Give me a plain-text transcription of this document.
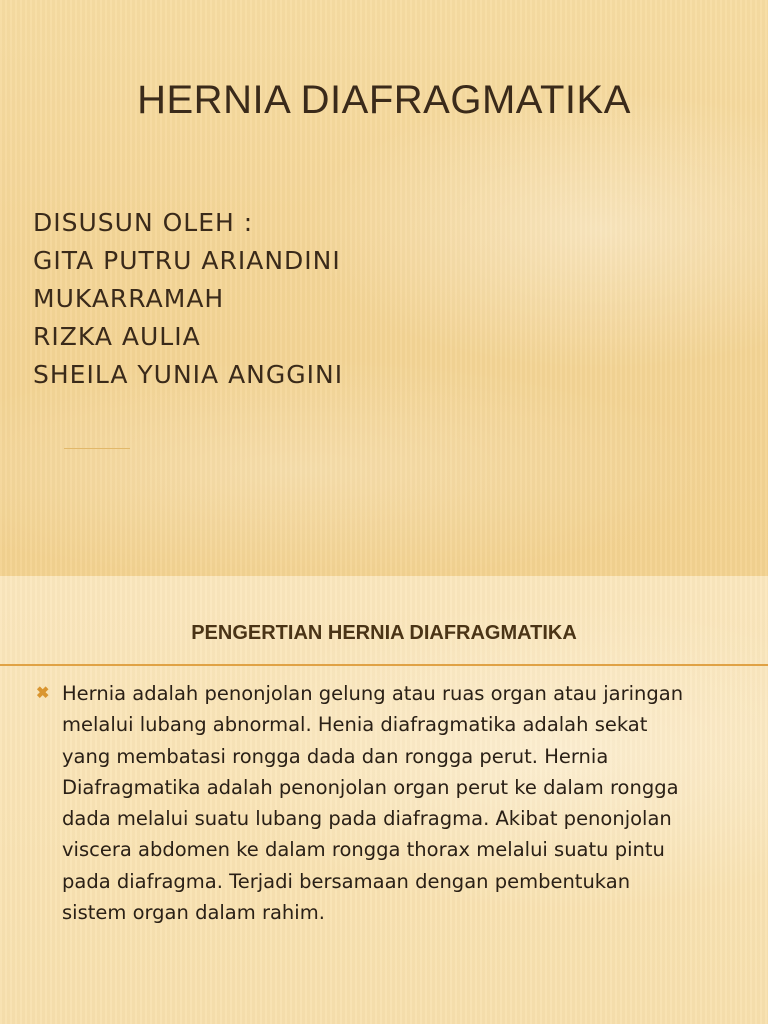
HERNIA DIAFRAGMATIKA
DISUSUN OLEH :
GITA PUTRU ARIANDINI
MUKARRAMAH
RIZKA AULIA
SHEILA YUNIA ANGGINI
PENGERTIAN HERNIA DIAFRAGMATIKA
✖ Hernia adalah penonjolan gelung atau ruas organ atau jaringan
melalui lubang abnormal. Henia diafragmatika adalah sekat
yang membatasi rongga dada dan rongga perut. Hernia
Diafragmatika adalah penonjolan organ perut ke dalam rongga
dada melalui suatu lubang pada diafragma. Akibat penonjolan
viscera abdomen ke dalam rongga thorax melalui suatu pintu
pada diafragma. Terjadi bersamaan dengan pembentukan
sistem organ dalam rahim.
